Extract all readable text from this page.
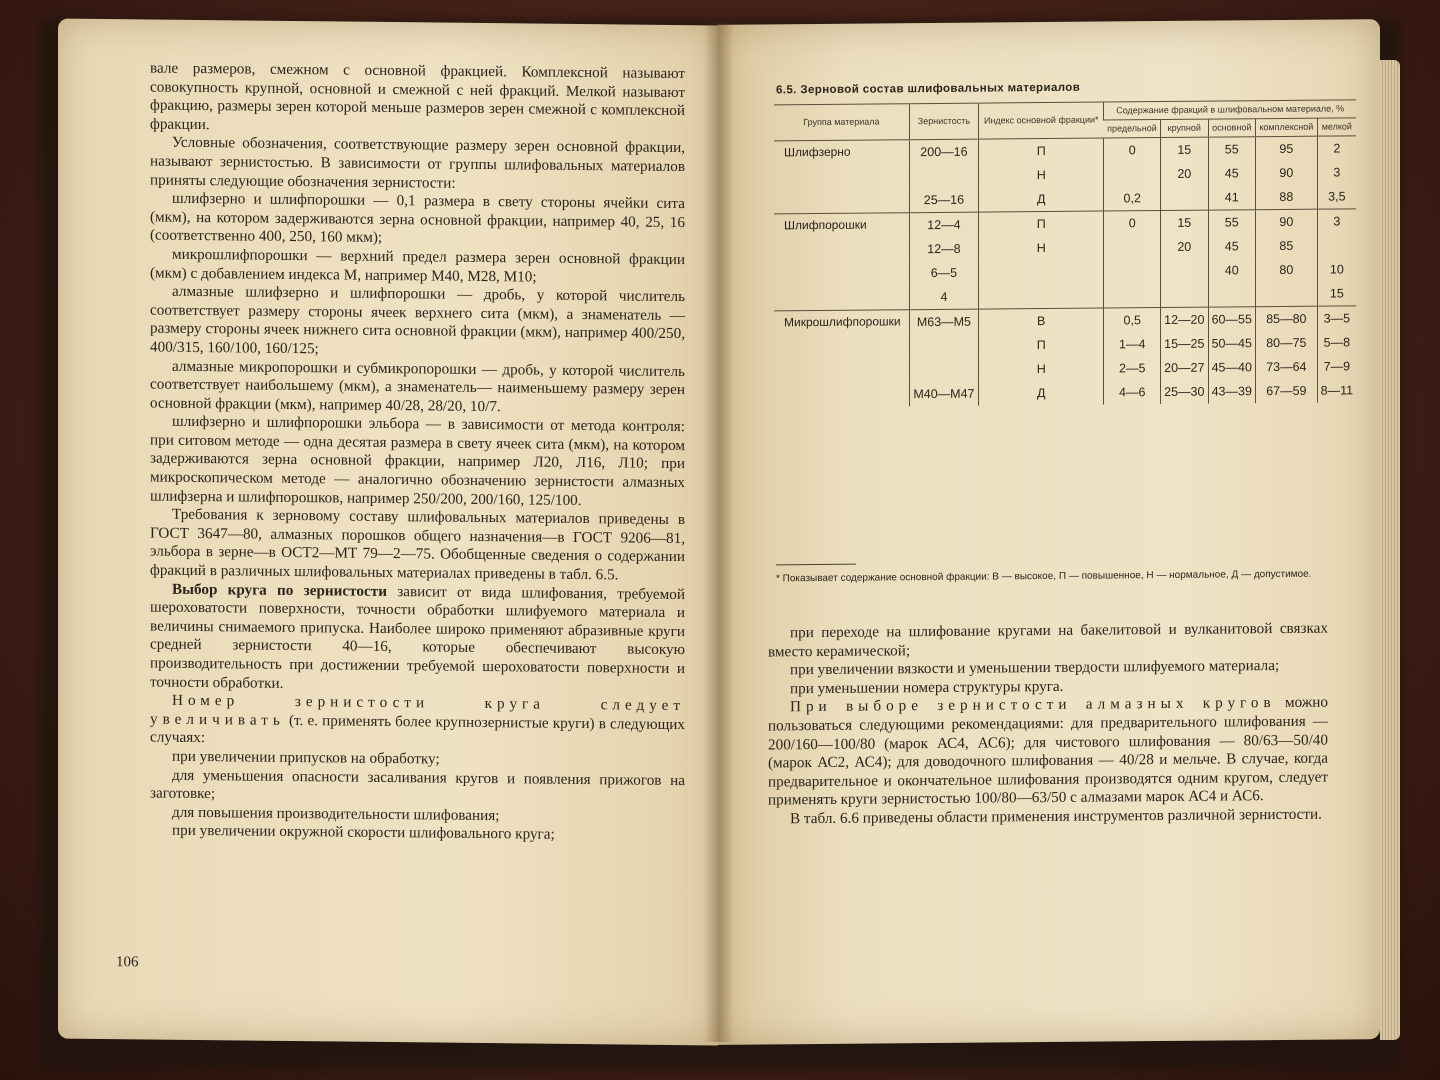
вале размеров, смежном с основной фракцией. Комплексной называют совокупность крупной, основной и смежной с ней фракций. Мелкой называют фракцию, размеры зерен которой меньше размеров зерен смежной с комплексной фракции.

Условные обозначения, соответствующие размеру зерен основной фракции, называют зернистостью. В зависимости от группы шлифовальных материалов приняты следующие обозначения зернистости:

шлифзерно и шлифпорошки — 0,1 размера в свету стороны ячейки сита (мкм), на котором задерживаются зерна основной фракции, например 40, 25, 16 (соответственно 400, 250, 160 мкм);

микрошлифпорошки — верхний предел размера зерен основной фракции (мкм) с добавлением индекса М, например М40, М28, М10;

алмазные шлифзерно и шлифпорошки — дробь, у которой числитель соответствует размеру стороны ячеек верхнего сита (мкм), а знаменатель — размеру стороны ячеек нижнего сита основной фракции (мкм), например 400/250, 400/315, 160/100, 160/125;

алмазные микропорошки и субмикропорошки — дробь, у которой числитель соответствует наибольшему (мкм), а знаменатель— наименьшему размеру зерен основной фракции (мкм), например 40/28, 28/20, 10/7.

шлифзерно и шлифпорошки эльбора — в зависимости от метода контроля: при ситовом методе — одна десятая размера в свету ячеек сита (мкм), на котором задерживаются зерна основной фракции, например Л20, Л16, Л10; при микроскопическом методе — аналогично обозначению зернистости алмазных шлифзерна и шлифпорошков, например 250/200, 200/160, 125/100.

Требования к зерновому составу шлифовальных материалов приведены в ГОСТ 3647—80, алмазных порошков общего назначения—в ГОСТ 9206—81, эльбора в зерне—в ОСТ2—МТ 79—2—75. Обобщенные сведения о содержании фракций в различных шлифовальных материалах приведены в табл. 6.5.

Выбор круга по зернистости зависит от вида шлифования, требуемой шероховатости поверхности, точности обработки шлифуемого материала и величины снимаемого припуска. Наиболее широко применяют абразивные круги средней зернистости 40—16, которые обеспечивают высокую производительность при достижении требуемой шероховатости поверхности и точности обработки.

Номер зернистости круга следует увеличивать (т. е. применять более крупнозернистые круги) в следующих случаях:

при увеличении припусков на обработку;

для уменьшения опасности засаливания кругов и появления прижогов на заготовке;

для повышения производительности шлифования;

при увеличении окружной скорости шлифовального круга;

106
6.5. Зерновой состав шлифовальных материалов
Группа материала	Зернистость	Индекс основной фракции*	Содержание фракций в шлифовальном материале, %				
			предельной	крупной	основной	комплексной	мелкой
Шлифзерно	200—16	П	0	15	55	95	2
		Н		20	45	90	3
	25—16	Д	0,2		41	88	3,5
Шлифпорошки	12—4	П	0	15	55	90	3
	12—8	Н		20	45	85	
	6—5				40	80	10
	4						15
Микрошлифпорошки	М63—М5	В	0,5	12—20	60—55	85—80	3—5
		П	1—4	15—25	50—45	80—75	5—8
		Н	2—5	20—27	45—40	73—64	7—9
	М40—М47	Д	4—6	25—30	43—39	67—59	8—11
* Показывает содержание основной фракции: В — высокое, П — повышенное, Н — нормальное, Д — допустимое.

при переходе на шлифование кругами на бакелитовой и вулканитовой связках вместо керамической;

при увеличении вязкости и уменьшении твердости шлифуемого материала;

при уменьшении номера структуры круга.

При выборе зернистости алмазных кругов можно пользоваться следующими рекомендациями: для предварительного шлифования — 200/160—100/80 (марок АС4, АС6); для чистового шлифования — 80/63—50/40 (марок АС2, АС4); для доводочного шлифования — 40/28 и мельче. В случае, когда предварительное и окончательное шлифования производятся одним кругом, следует применять круги зернистостью 100/80—63/50 с алмазами марок АС4 и АС6.

В табл. 6.6 приведены области применения инструментов различной зернистости.
